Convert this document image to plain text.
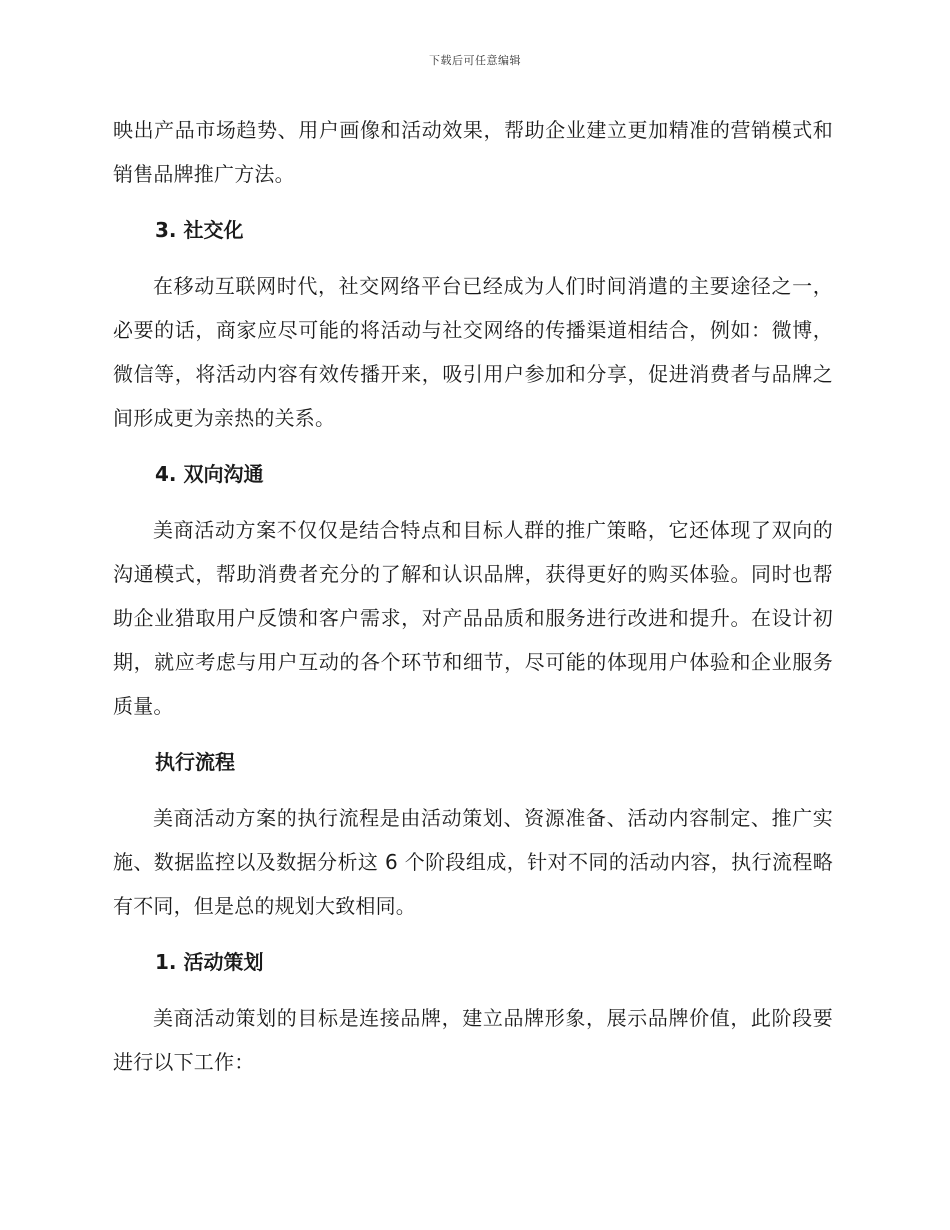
下载后可任意编辑

映出产品市场趋势、用户画像和活动效果，帮助企业建立更加精准的营销模式和销售品牌推广方法。

3. 社交化

在移动互联网时代，社交网络平台已经成为人们时间消遣的主要途径之一，必要的话，商家应尽可能的将活动与社交网络的传播渠道相结合，例如：微博，微信等，将活动内容有效传播开来，吸引用户参加和分享，促进消费者与品牌之间形成更为亲热的关系。

4. 双向沟通

美商活动方案不仅仅是结合特点和目标人群的推广策略，它还体现了双向的沟通模式，帮助消费者充分的了解和认识品牌，获得更好的购买体验。同时也帮助企业猎取用户反馈和客户需求，对产品品质和服务进行改进和提升。在设计初期，就应考虑与用户互动的各个环节和细节，尽可能的体现用户体验和企业服务质量。

执行流程

美商活动方案的执行流程是由活动策划、资源准备、活动内容制定、推广实施、数据监控以及数据分析这 6 个阶段组成，针对不同的活动内容，执行流程略有不同，但是总的规划大致相同。

1. 活动策划

美商活动策划的目标是连接品牌，建立品牌形象，展示品牌价值，此阶段要进行以下工作：
